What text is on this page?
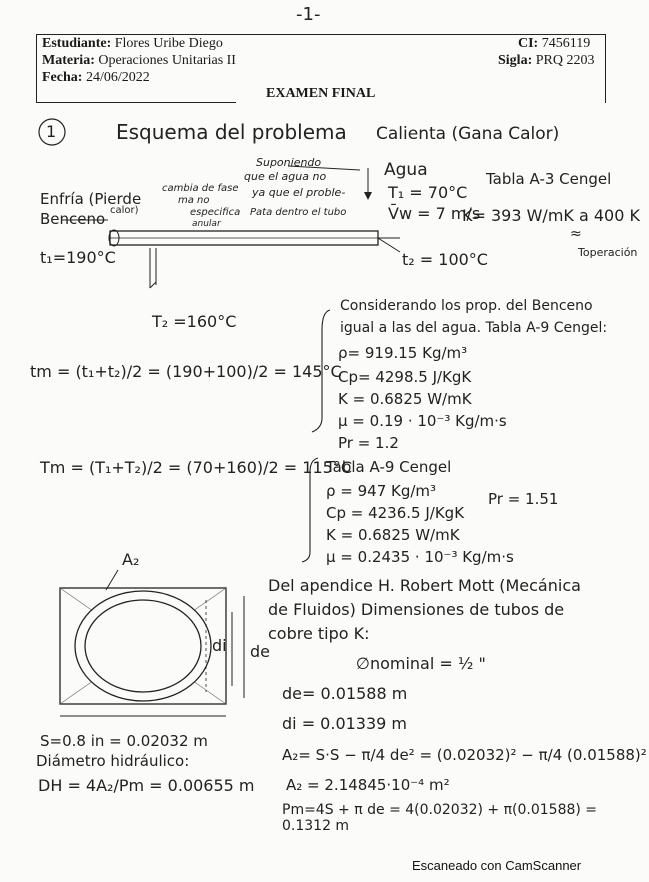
-1-
Estudiante: Flores Uribe Diego
Materia: Operaciones Unitarias II
Fecha: 24/06/2022
CI: 7456119
Sigla: PRQ 2203
EXAMEN FINAL
1	Esquema del problema Calienta (Gana Calor)
Suponiendo
que el agua no
cambia de fase ya que el proble-
ma no
especifica Pata dentro el tubo
anular
Enfría (Pierde
calor)
Benceno
t₁=190°C
T₂ =160°C
Agua
T₁ = 70°C
V̄w = 7 m/s
t₂ = 100°C
Tabla A-3 Cengel
K= 393 W/mK a 400 K
≈
Toperación
tm = (t₁+t₂)/2 = (190+100)/2 = 145°C
Considerando los prop. del Benceno
igual a las del agua. Tabla A-9 Cengel:
ρ= 919.15 Kg/m³
Cp= 4298.5 J/KgK
K = 0.6825 W/mK
μ = 0.19 · 10⁻³ Kg/m·s
Pr = 1.2
Tm = (T₁+T₂)/2 = (70+160)/2 = 115°C
Tabla A-9 Cengel
ρ = 947 Kg/m³	Pr = 1.51
Cp = 4236.5 J/KgK
K = 0.6825 W/mK
μ = 0.2435 · 10⁻³ Kg/m·s
A₂
di de
Del apendice H. Robert Mott (Mecánica
de Fluidos) Dimensiones de tubos de
cobre tipo K:
∅nominal = ½ "
de= 0.01588 m
di = 0.01339 m
A₂= S·S − π/4 de² = (0.02032)² − π/4 (0.01588)²
A₂ = 2.14845·10⁻⁴ m²
Pm=4S + π de = 4(0.02032) + π(0.01588) = 0.1312 m
S=0.8 in = 0.02032 m
Diámetro hidráulico:
DH = 4A₂/Pm = 0.00655 m
Escaneado con CamScanner
